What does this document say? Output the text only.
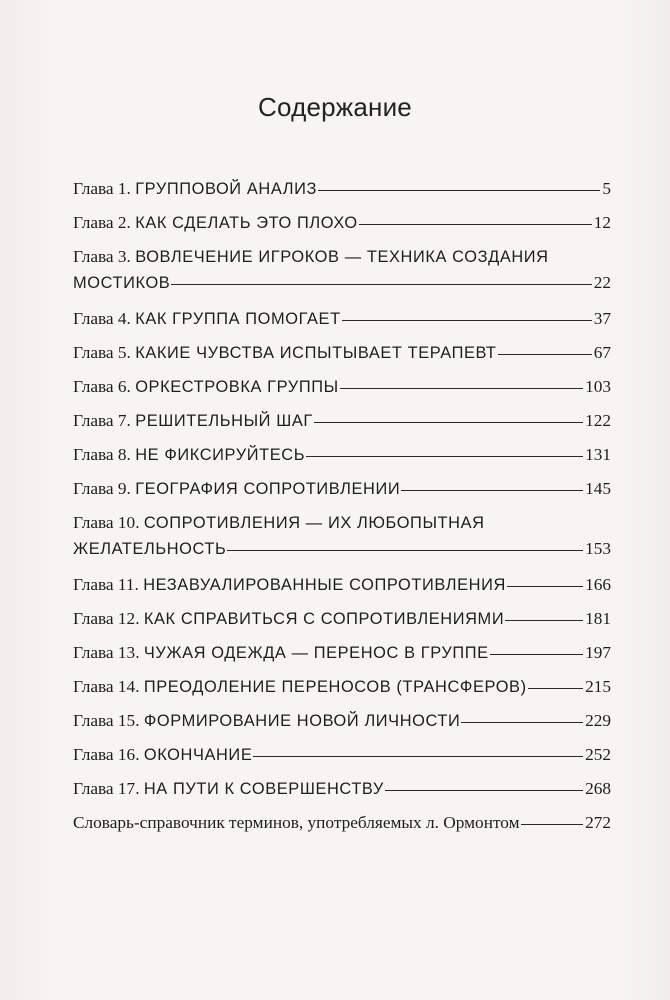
Содержание
Глава 1. ГРУППОВОЙ АНАЛИЗ	5
Глава 2. КАК СДЕЛАТЬ ЭТО ПЛОХО	12
Глава 3. ВОВЛЕЧЕНИЕ ИГРОКОВ — ТЕХНИКА СОЗДАНИЯ
МОСТИКОВ	22
Глава 4. КАК ГРУППА ПОМОГАЕТ	37
Глава 5. КАКИЕ ЧУВСТВА ИСПЫТЫВАЕТ ТЕРАПЕВТ	67
Глава 6. ОРКЕСТРОВКА ГРУППЫ	103
Глава 7. РЕШИТЕЛЬНЫЙ ШАГ	122
Глава 8. НЕ ФИКСИРУЙТЕСЬ	131
Глава 9. ГЕОГРАФИЯ СОПРОТИВЛЕНИИ	145
Глава 10. СОПРОТИВЛЕНИЯ — ИХ ЛЮБОПЫТНАЯ
ЖЕЛАТЕЛЬНОСТЬ	153
Глава 11. НЕЗАВУАЛИРОВАННЫЕ СОПРОТИВЛЕНИЯ	166
Глава 12. КАК СПРАВИТЬСЯ С СОПРОТИВЛЕНИЯМИ	181
Глава 13. ЧУЖАЯ ОДЕЖДА — ПЕРЕНОС В ГРУППЕ	197
Глава 14. ПРЕОДОЛЕНИЕ ПЕРЕНОСОВ (ТРАНСФЕРОВ)	215
Глава 15. ФОРМИРОВАНИЕ НОВОЙ ЛИЧНОСТИ	229
Глава 16. ОКОНЧАНИЕ	252
Глава 17. НА ПУТИ К СОВЕРШЕНСТВУ	268
Словарь-справочник терминов, употребляемых л. Ормонтом	272
